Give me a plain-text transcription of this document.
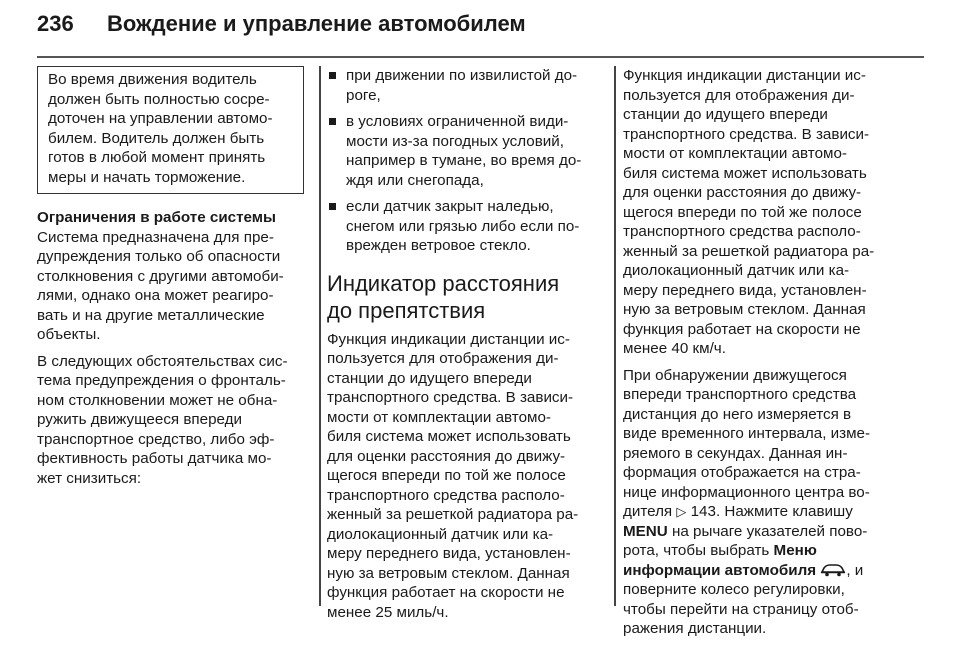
236	Вождение и управление автомобилем
Во время движения водитель
должен быть полностью сосре-
доточен на управлении автомо-
билем. Водитель должен быть
готов в любой момент принять
меры и начать торможение.
Ограничения в работе системы

Система предназначена для пре-
дупреждения только об опасности
столкновения с другими автомоби-
лями, однако она может реагиро-
вать и на другие металлические
объекты.

В следующих обстоятельствах сис-
тема предупреждения о фронталь-
ном столкновении может не обна-
ружить движущееся впереди
транспортное средство, либо эф-
фективность работы датчика мо-
жет снизиться:

при движении по извилистой до-
роге,
в условиях ограниченной види-
мости из-за погодных условий,
например в тумане, во время до-
ждя или снегопада,
если датчик закрыт наледью,
снегом или грязью либо если по-
врежден ветровое стекло.
Индикатор расстояния
до препятствия

Функция индикации дистанции ис-
пользуется для отображения ди-
станции до идущего впереди
транспортного средства. В зависи-
мости от комплектации автомо-
биля система может использовать
для оценки расстояния до движу-
щегося впереди по той же полосе
транспортного средства располо-
женный за решеткой радиатора ра-
диолокационный датчик или ка-
меру переднего вида, установлен-
ную за ветровым стеклом. Данная
функция работает на скорости не
менее 25 миль/ч.

Функция индикации дистанции ис-
пользуется для отображения ди-
станции до идущего впереди
транспортного средства. В зависи-
мости от комплектации автомо-
биля система может использовать
для оценки расстояния до движу-
щегося впереди по той же полосе
транспортного средства располо-
женный за решеткой радиатора ра-
диолокационный датчик или ка-
меру переднего вида, установлен-
ную за ветровым стеклом. Данная
функция работает на скорости не
менее 40 км/ч.

При обнаружении движущегося
впереди транспортного средства
дистанция до него измеряется в
виде временного интервала, изме-
ряемого в секундах. Данная ин-
формация отображается на стра-
нице информационного центра во-
дителя ▷ 143. Нажмите клавишу
MENU на рычаге указателей пово-
рота, чтобы выбрать Меню
информации автомобиля , и
поверните колесо регулировки,
чтобы перейти на страницу отоб-
ражения дистанции.
